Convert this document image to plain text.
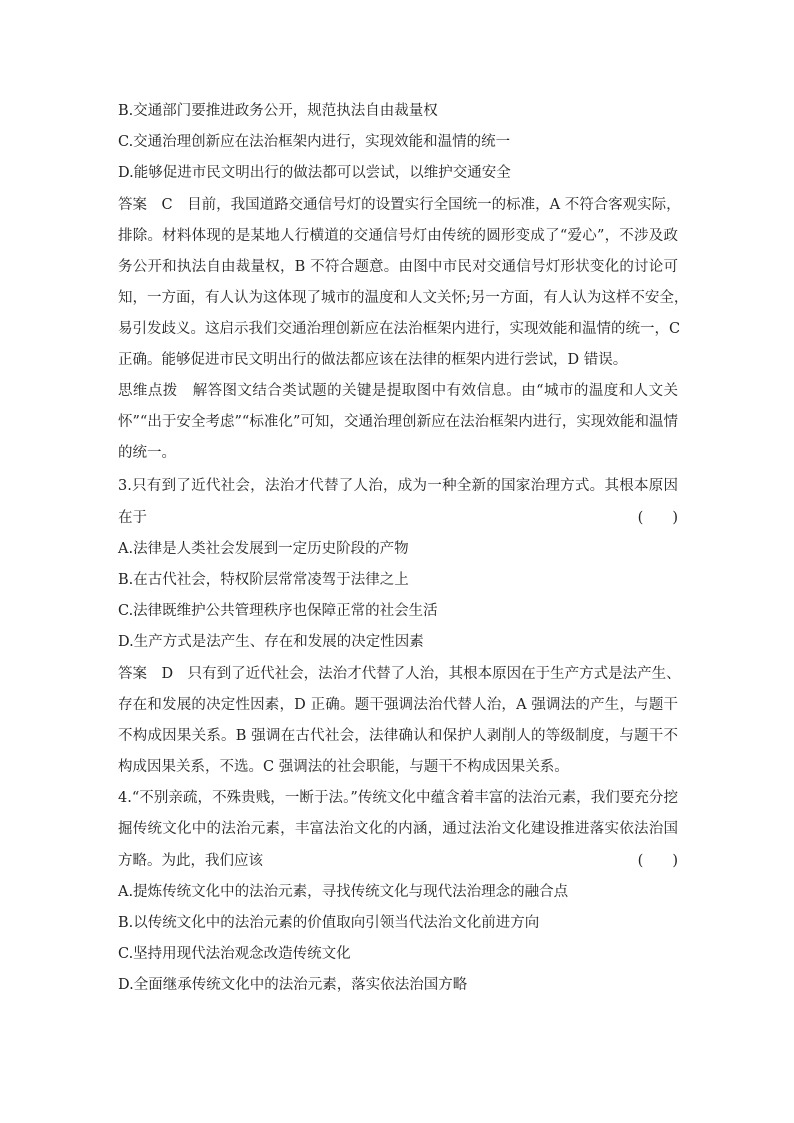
B.交通部门要推进政务公开，规范执法自由裁量权
C.交通治理创新应在法治框架内进行，实现效能和温情的统一
D.能够促进市民文明出行的做法都可以尝试，以维护交通安全
答案　 C　 目前，我国道路交通信号灯的设置实行全国统一的标准，A 不符合客观实际，
排除。材料体现的是某地人行横道的交通信号灯由传统的圆形变成了“爱心”，不涉及政
务公开和执法自由裁量权，B 不符合题意。由图中市民对交通信号灯形状变化的讨论可
知，一方面，有人认为这体现了城市的温度和人文关怀;另一方面，有人认为这样不安全，
易引发歧义。这启示我们交通治理创新应在法治框架内进行，实现效能和温情的统一，C
正确。能够促进市民文明出行的做法都应该在法律的框架内进行尝试，D 错误。
思维点拨　 解答图文结合类试题的关键是提取图中有效信息。由“城市的温度和人文关
怀”“出于安全考虑”“标准化”可知，交通治理创新应在法治框架内进行，实现效能和温情
的统一。
3.只有到了近代社会，法治才代替了人治，成为一种全新的国家治理方式。其根本原因
在于	(　　)
A.法律是人类社会发展到一定历史阶段的产物
B.在古代社会，特权阶层常常凌驾于法律之上
C.法律既维护公共管理秩序也保障正常的社会生活
D.生产方式是法产生、存在和发展的决定性因素
答案　 D　 只有到了近代社会，法治才代替了人治，其根本原因在于生产方式是法产生、
存在和发展的决定性因素，D 正确。题干强调法治代替人治，A 强调法的产生，与题干
不构成因果关系。B 强调在古代社会，法律确认和保护人剥削人的等级制度，与题干不
构成因果关系，不选。C 强调法的社会职能，与题干不构成因果关系。
4.“不别亲疏，不殊贵贱，一断于法。”传统文化中蕴含着丰富的法治元素，我们要充分挖
掘传统文化中的法治元素，丰富法治文化的内涵，通过法治文化建设推进落实依法治国
方略。为此，我们应该	(　　)
A.提炼传统文化中的法治元素，寻找传统文化与现代法治理念的融合点
B.以传统文化中的法治元素的价值取向引领当代法治文化前进方向
C.坚持用现代法治观念改造传统文化
D.全面继承传统文化中的法治元素，落实依法治国方略
